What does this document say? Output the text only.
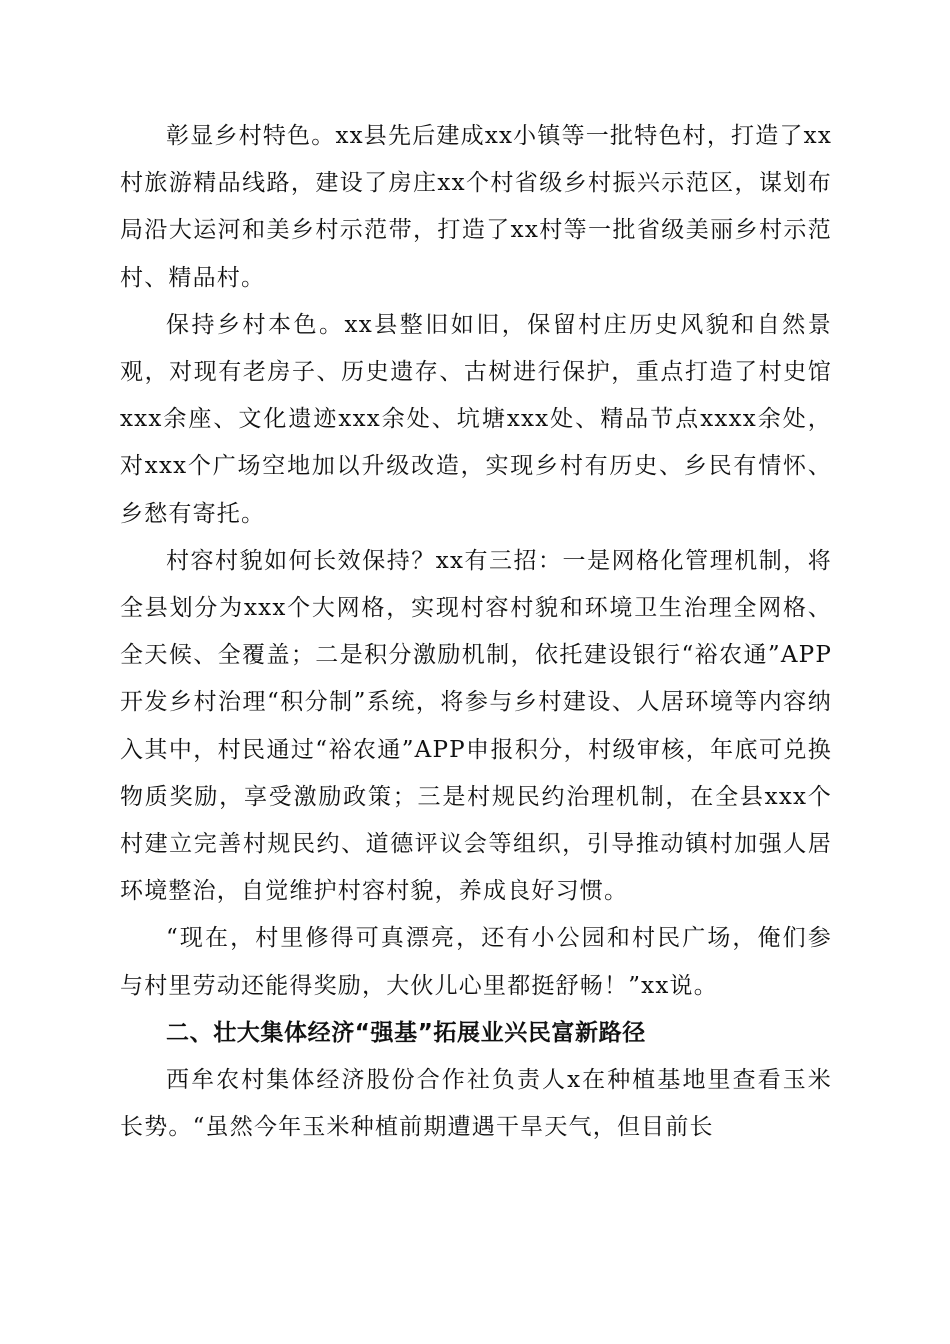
彰显乡村特色。xx县先后建成xx小镇等一批特色村，打造了xx村旅游精品线路，建设了房庄xx个村省级乡村振兴示范区，谋划布局沿大运河和美乡村示范带，打造了xx村等一批省级美丽乡村示范村、精品村。

保持乡村本色。xx县整旧如旧，保留村庄历史风貌和自然景观，对现有老房子、历史遗存、古树进行保护，重点打造了村史馆xxx余座、文化遗迹xxx余处、坑塘xxx处、精品节点xxxx余处，对xxx个广场空地加以升级改造，实现乡村有历史、乡民有情怀、乡愁有寄托。

村容村貌如何长效保持？xx有三招：一是网格化管理机制，将全县划分为xxx个大网格，实现村容村貌和环境卫生治理全网格、全天候、全覆盖；二是积分激励机制，依托建设银行“裕农通”APP开发乡村治理“积分制”系统，将参与乡村建设、人居环境等内容纳入其中，村民通过“裕农通”APP申报积分，村级审核，年底可兑换物质奖励，享受激励政策；三是村规民约治理机制，在全县xxx个村建立完善村规民约、道德评议会等组织，引导推动镇村加强人居环境整治，自觉维护村容村貌，养成良好习惯。

“现在，村里修得可真漂亮，还有小公园和村民广场，俺们参与村里劳动还能得奖励，大伙儿心里都挺舒畅！”xx说。

二、壮大集体经济“强基”拓展业兴民富新路径

西牟农村集体经济股份合作社负责人x在种植基地里查看玉米长势。“虽然今年玉米种植前期遭遇干旱天气，但目前长
